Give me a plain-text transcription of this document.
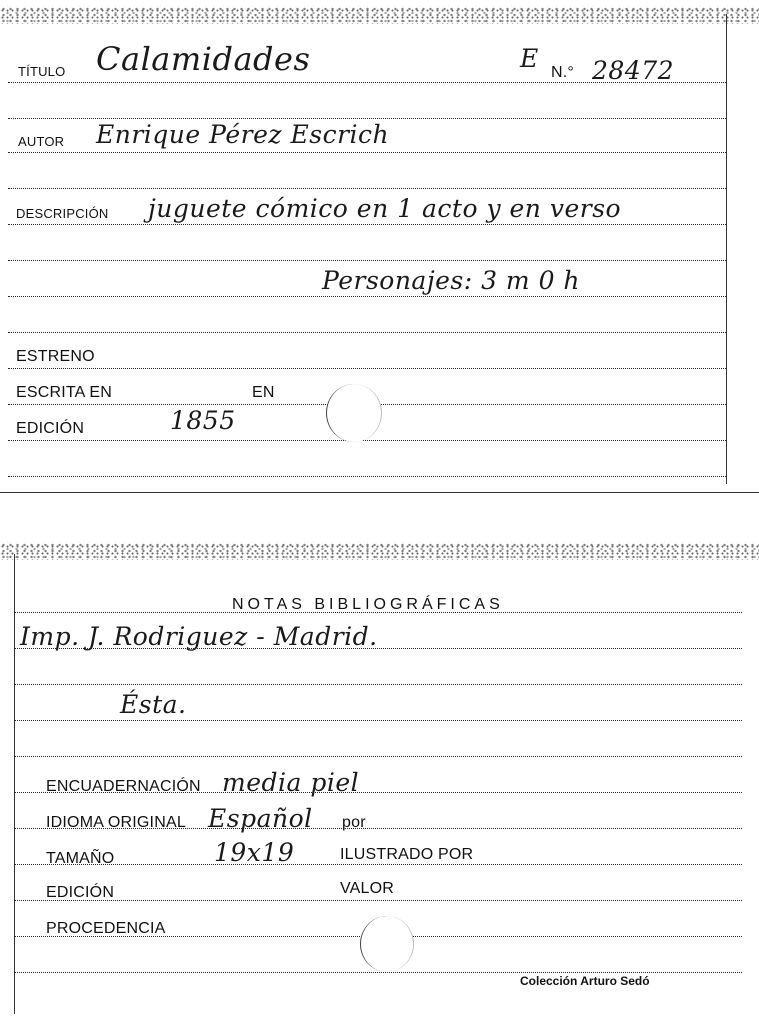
TÍTULO Calamidades	E N.° 28472
AUTOR Enrique Pérez Escrich
DESCRIPCIÓN juguete cómico en 1 acto y en verso
Personajes: 3 m 0 h
ESTRENO
ESCRITA EN	EN
EDICIÓN	1855
NOTAS BIBLIOGRÁFICAS
Imp. J. Rodriguez - Madrid.
Ésta.
ENCUADERNACIÓN media piel
IDIOMA ORIGINAL Español por
TAMAÑO	19x19	ILUSTRADO POR
EDICIÓN	VALOR
PROCEDENCIA
Colección Arturo Sedó
